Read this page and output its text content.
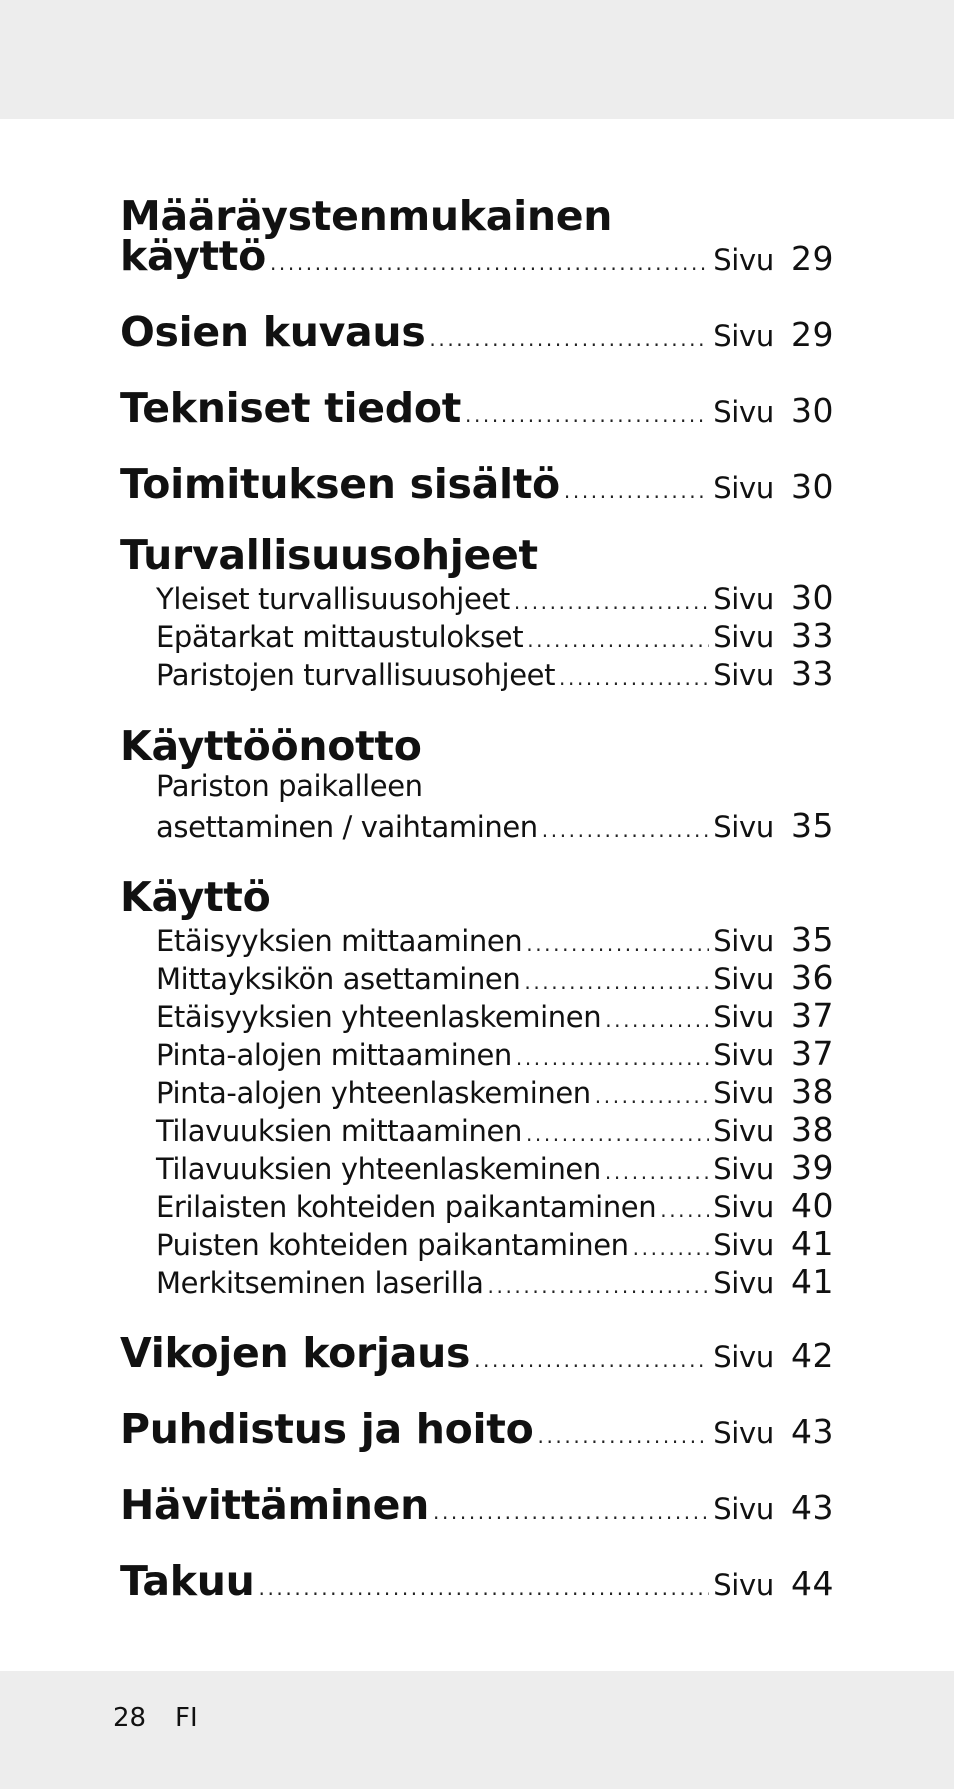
Määräystenmukainen
käyttö .....	Sivu 29
Osien kuvaus .....	Sivu 29
Tekniset tiedot .....	Sivu 30
Toimituksen sisältö .....	Sivu 30
Turvallisuusohjeet
Yleiset turvallisuusohjeet .....	Sivu 30
Epätarkat mittaustulokset .....	Sivu 33
Paristojen turvallisuusohjeet .....	Sivu 33
Käyttöönotto
Pariston paikalleen
asettaminen / vaihtaminen .....	Sivu 35
Käyttö
Etäisyyksien mittaaminen .....	Sivu 35
Mittayksikön asettaminen .....	Sivu 36
Etäisyyksien yhteenlaskeminen .....	Sivu 37
Pinta-alojen mittaaminen .....	Sivu 37
Pinta-alojen yhteenlaskeminen .....	Sivu 38
Tilavuuksien mittaaminen .....	Sivu 38
Tilavuuksien yhteenlaskeminen .....	Sivu 39
Erilaisten kohteiden paikantaminen ..... Sivu 40
Puisten kohteiden paikantaminen .....	Sivu 41
Merkitseminen laserilla .....	Sivu 41
Vikojen korjaus .....	Sivu 42
Puhdistus ja hoito .....	Sivu 43
Hävittäminen .....	Sivu 43
Takuu .....	Sivu 44
28 FI
